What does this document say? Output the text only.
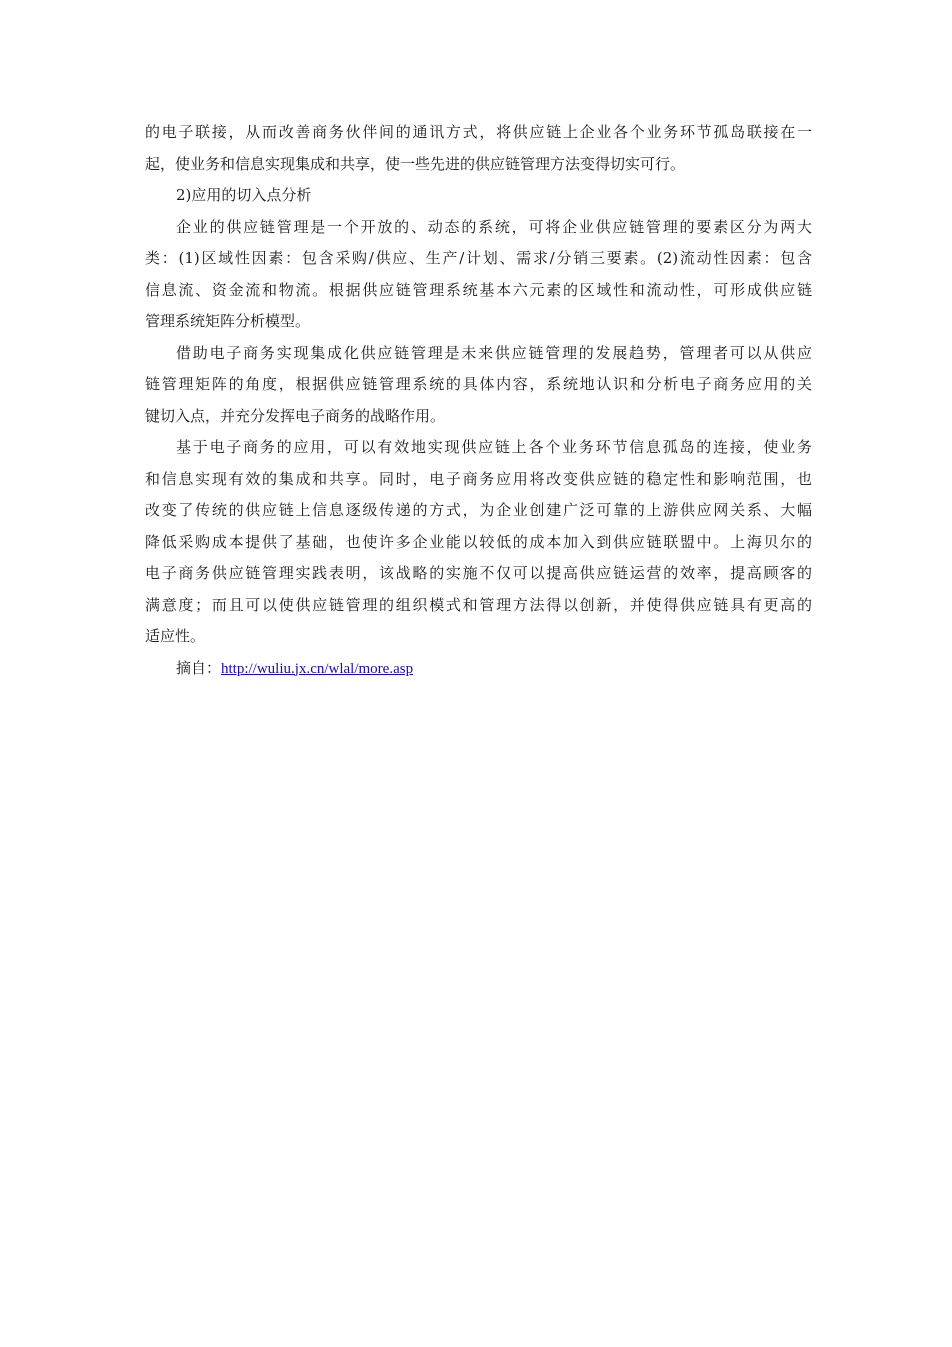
的电子联接，从而改善商务伙伴间的通讯方式，将供应链上企业各个业务环节孤岛联接在一
起，使业务和信息实现集成和共享，使一些先进的供应链管理方法变得切实可行。
2)应用的切入点分析
企业的供应链管理是一个开放的、动态的系统，可将企业供应链管理的要素区分为两大
类：(1)区域性因素：包含采购/供应、生产/计划、需求/分销三要素。(2)流动性因素：包含
信息流、资金流和物流。根据供应链管理系统基本六元素的区域性和流动性，可形成供应链
管理系统矩阵分析模型。
借助电子商务实现集成化供应链管理是未来供应链管理的发展趋势，管理者可以从供应
链管理矩阵的角度，根据供应链管理系统的具体内容，系统地认识和分析电子商务应用的关
键切入点，并充分发挥电子商务的战略作用。
基于电子商务的应用，可以有效地实现供应链上各个业务环节信息孤岛的连接，使业务
和信息实现有效的集成和共享。同时，电子商务应用将改变供应链的稳定性和影响范围，也
改变了传统的供应链上信息逐级传递的方式，为企业创建广泛可靠的上游供应网关系、大幅
降低采购成本提供了基础，也使许多企业能以较低的成本加入到供应链联盟中。上海贝尔的
电子商务供应链管理实践表明，该战略的实施不仅可以提高供应链运营的效率，提高顾客的
满意度；而且可以使供应链管理的组织模式和管理方法得以创新，并使得供应链具有更高的
适应性。
摘自：http://wuliu.jx.cn/wlal/more.asp
